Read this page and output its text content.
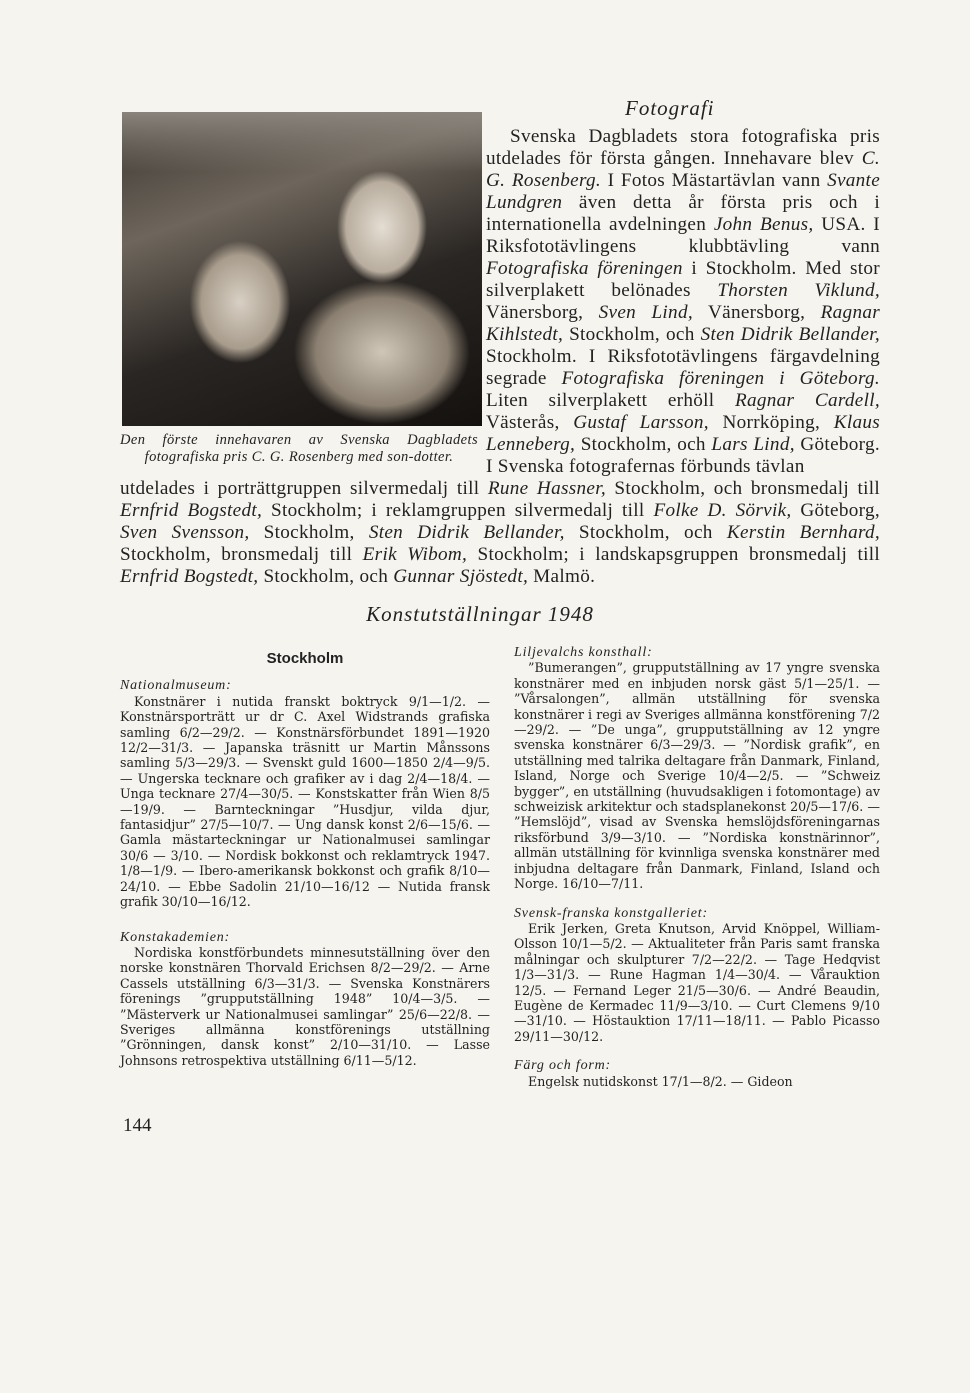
Den förste innehavaren av Svenska Dagbladets fotografiska pris C. G. Rosenberg med son-dotter.
Fotografi
Svenska Dagbladets stora fotografiska pris utdelades för första gången. Innehavare blev C. G. Rosenberg. I Fotos Mästartävlan vann Svante Lundgren även detta år första pris och i internationella avdelningen John Benus, USA. I Riksfototävlingens klubbtävling vann Fotografiska föreningen i Stockholm. Med stor silverplakett belönades Thorsten Viklund, Vänersborg, Sven Lind, Vänersborg, Ragnar Kihlstedt, Stockholm, och Sten Didrik Bellander, Stockholm. I Riksfototävlingens färgavdelning segrade Fotografiska föreningen i Göteborg. Liten silverplakett erhöll Ragnar Cardell, Västerås, Gustaf Larsson, Norrköping, Klaus Lenneberg, Stockholm, och Lars Lind, Göteborg. I Svenska fotografernas förbunds tävlan
utdelades i porträttgruppen silvermedalj till Rune Hassner, Stockholm, och bronsmedalj till Ernfrid Bogstedt, Stockholm; i reklamgruppen silvermedalj till Folke D. Sörvik, Göteborg, Sven Svensson, Stockholm, Sten Didrik Bellander, Stockholm, och Kerstin Bernhard, Stockholm, bronsmedalj till Erik Wibom, Stockholm; i landskapsgruppen bronsmedalj till Ernfrid Bogstedt, Stockholm, och Gunnar Sjöstedt, Malmö.
Konstutställningar 1948
Stockholm
Nationalmuseum:

Konstnärer i nutida franskt boktryck 9/1—1/2. — Konstnärsporträtt ur dr C. Axel Widstrands grafiska samling 6/2—29/2. — Konstnärsförbundet 1891—1920 12/2—31/3. — Japanska träsnitt ur Martin Månssons samling 5/3—29/3. — Svenskt guld 1600—1850 2/4—9/5. — Ungerska tecknare och grafiker av i dag 2/4—18/4. — Unga tecknare 27/4—30/5. — Konstskatter från Wien 8/5—19/9. — Barnteckningar ”Husdjur, vilda djur, fantasidjur” 27/5—10/7. — Ung dansk konst 2/6—15/6. — Gamla mästarteckningar ur Nationalmusei samlingar 30/6 — 3/10. — Nordisk bokkonst och reklamtryck 1947. 1/8—1/9. — Ibero-amerikansk bokkonst och grafik 8/10—24/10. — Ebbe Sadolin 21/10—16/12 — Nutida fransk grafik 30/10—16/12.

Konstakademien:

Nordiska konstförbundets minnesutställning över den norske konstnären Thorvald Erichsen 8/2—29/2. — Arne Cassels utställning 6/3—31/3. — Svenska Konstnärers förenings ”grupputställning 1948” 10/4—3/5. — ”Mästerverk ur Nationalmusei samlingar” 25/6—22/8. — Sveriges allmänna konstförenings utställning ”Grönningen, dansk konst” 2/10—31/10. — Lasse Johnsons retrospektiva utställning 6/11—5/12.

Liljevalchs konsthall:

”Bumerangen”, grupputställning av 17 yngre svenska konstnärer med en inbjuden norsk gäst 5/1—25/1. — ”Vårsalongen”, allmän utställning för svenska konstnärer i regi av Sveriges allmänna konstförening 7/2—29/2. — ”De unga”, grupputställning av 12 yngre svenska konstnärer 6/3—29/3. — ”Nordisk grafik”, en utställning med talrika deltagare från Danmark, Finland, Island, Norge och Sverige 10/4—2/5. — ”Schweiz bygger”, en utställning (huvudsakligen i fotomontage) av schweizisk arkitektur och stadsplanekonst 20/5—17/6. — ”Hemslöjd”, visad av Svenska hemslöjdsföreningarnas riksförbund 3/9—3/10. — ”Nordiska konstnärinnor”, allmän utställning för kvinnliga svenska konstnärer med inbjudna deltagare från Danmark, Finland, Island och Norge. 16/10—7/11.

Svensk-franska konstgalleriet:

Erik Jerken, Greta Knutson, Arvid Knöppel, William-Olsson 10/1—5/2. — Aktualiteter från Paris samt franska målningar och skulpturer 7/2—22/2. — Tage Hedqvist 1/3—31/3. — Rune Hagman 1/4—30/4. — Vårauktion 12/5. — Fernand Leger 21/5—30/6. — André Beaudin, Eugène de Kermadec 11/9—3/10. — Curt Clemens 9/10—31/10. — Höstauktion 17/11—18/11. — Pablo Picasso 29/11—30/12.

Färg och form:

Engelsk nutidskonst 17/1—8/2. — Gideon

144
